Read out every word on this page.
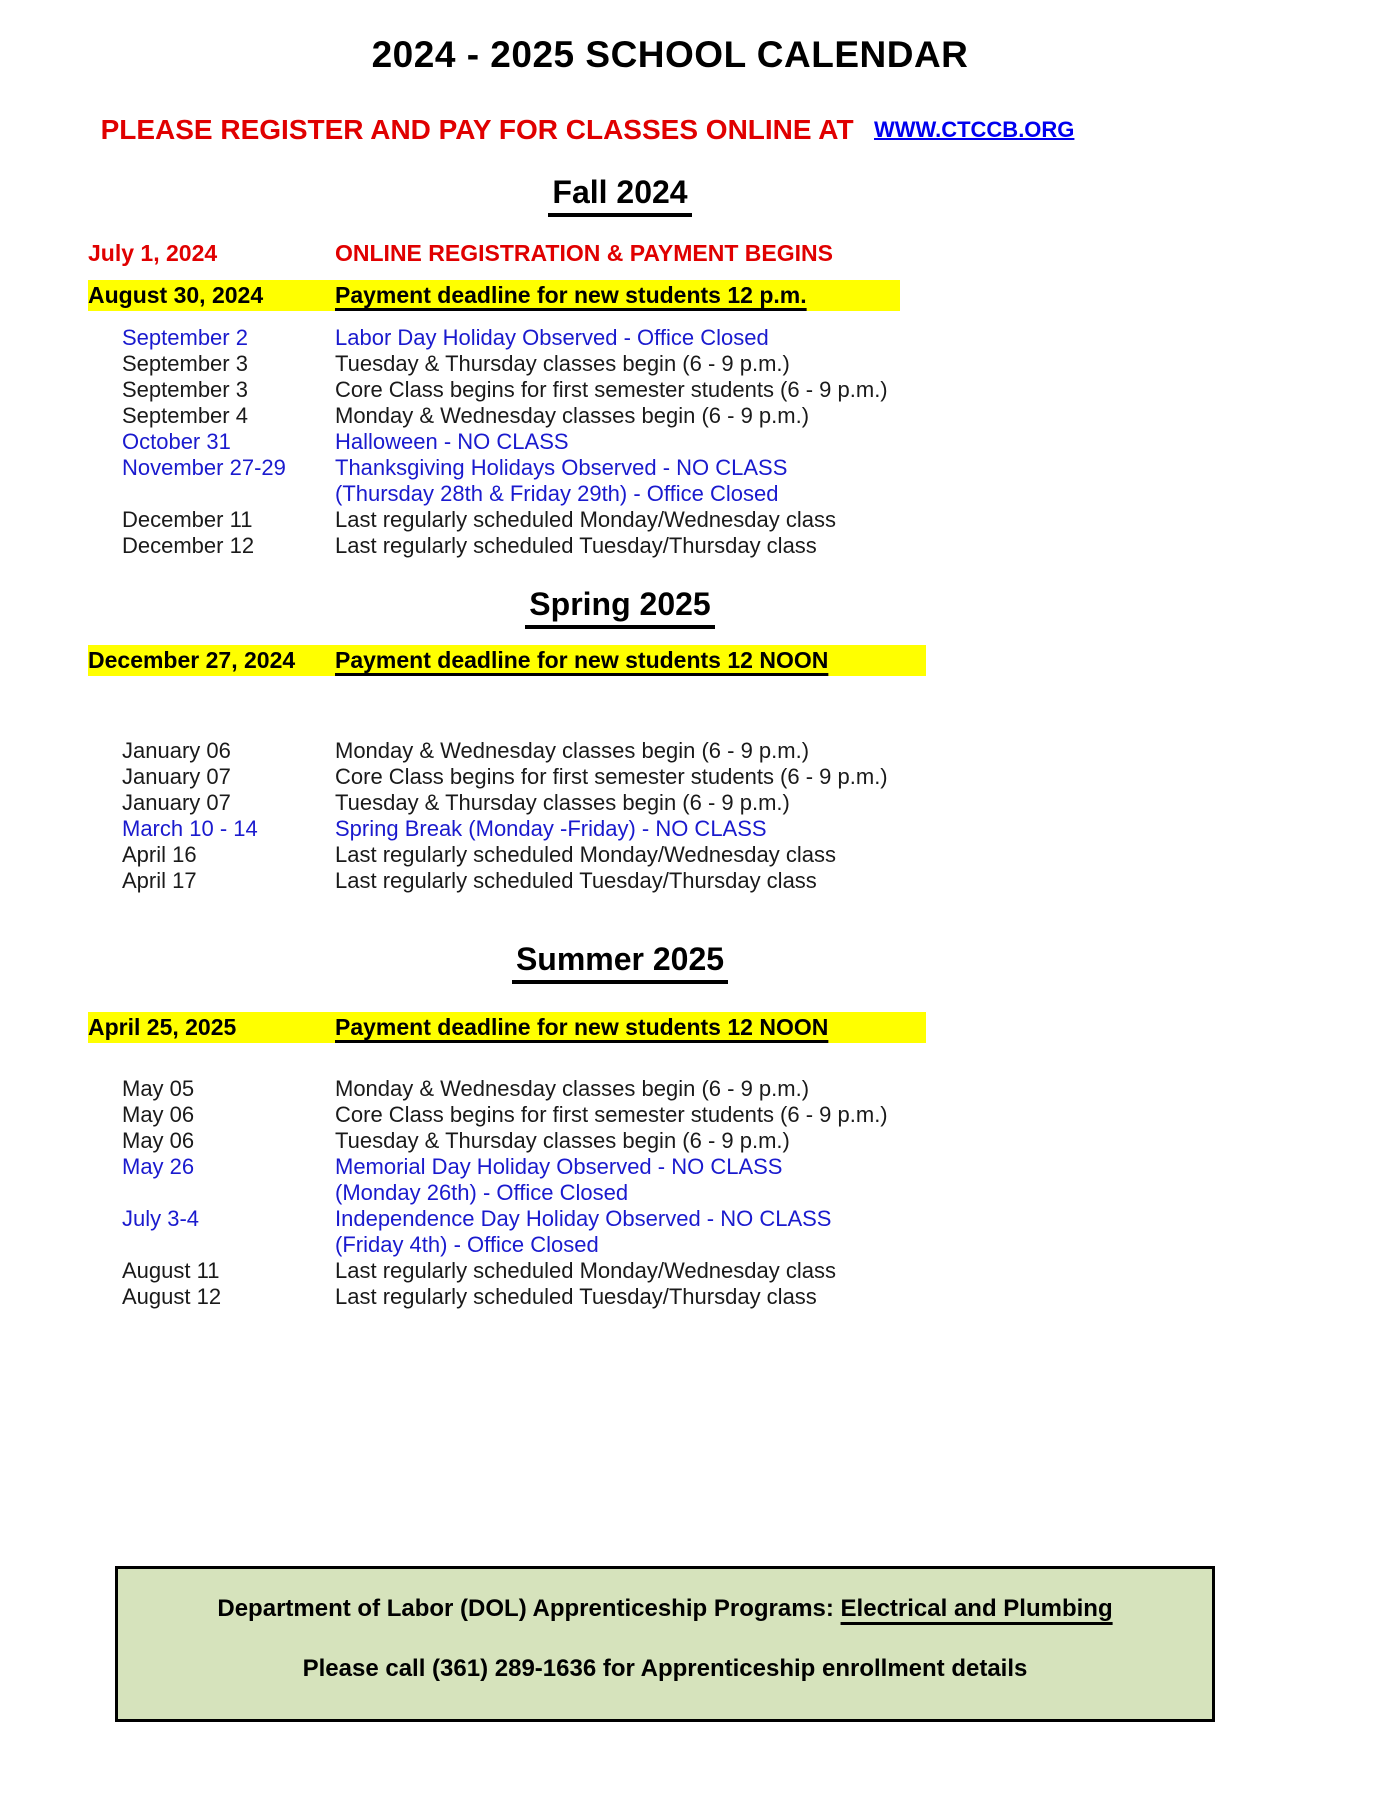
2024 - 2025 SCHOOL CALENDAR
PLEASE REGISTER AND PAY FOR CLASSES ONLINE AT WWW.CTCCB.ORG
Fall 2024
July 1, 2024	ONLINE REGISTRATION & PAYMENT BEGINS
August 30, 2024	Payment deadline for new students 12 p.m.
September 2	Labor Day Holiday Observed - Office Closed
September 3	Tuesday & Thursday classes begin (6 - 9 p.m.)
September 3	Core Class begins for first semester students (6 - 9 p.m.)
September 4	Monday & Wednesday classes begin (6 - 9 p.m.)
October 31	Halloween - NO CLASS
November 27-29	Thanksgiving Holidays Observed - NO CLASS
(Thursday 28th & Friday 29th) - Office Closed
December 11	Last regularly scheduled Monday/Wednesday class
December 12	Last regularly scheduled Tuesday/Thursday class
Spring 2025
December 27, 2024	Payment deadline for new students 12 NOON
January 06	Monday & Wednesday classes begin (6 - 9 p.m.)
January 07	Core Class begins for first semester students (6 - 9 p.m.)
January 07	Tuesday & Thursday classes begin (6 - 9 p.m.)
March 10 - 14	Spring Break (Monday -Friday) - NO CLASS
April 16	Last regularly scheduled Monday/Wednesday class
April 17	Last regularly scheduled Tuesday/Thursday class
Summer 2025
April 25, 2025	Payment deadline for new students 12 NOON
May 05	Monday & Wednesday classes begin (6 - 9 p.m.)
May 06	Core Class begins for first semester students (6 - 9 p.m.)
May 06	Tuesday & Thursday classes begin (6 - 9 p.m.)
May 26	Memorial Day Holiday Observed - NO CLASS
(Monday 26th) - Office Closed
July 3-4	Independence Day Holiday Observed - NO CLASS
(Friday 4th) - Office Closed
August 11	Last regularly scheduled Monday/Wednesday class
August 12	Last regularly scheduled Tuesday/Thursday class
Department of Labor (DOL) Apprenticeship Programs: Electrical and Plumbing
Please call (361) 289-1636 for Apprenticeship enrollment details
